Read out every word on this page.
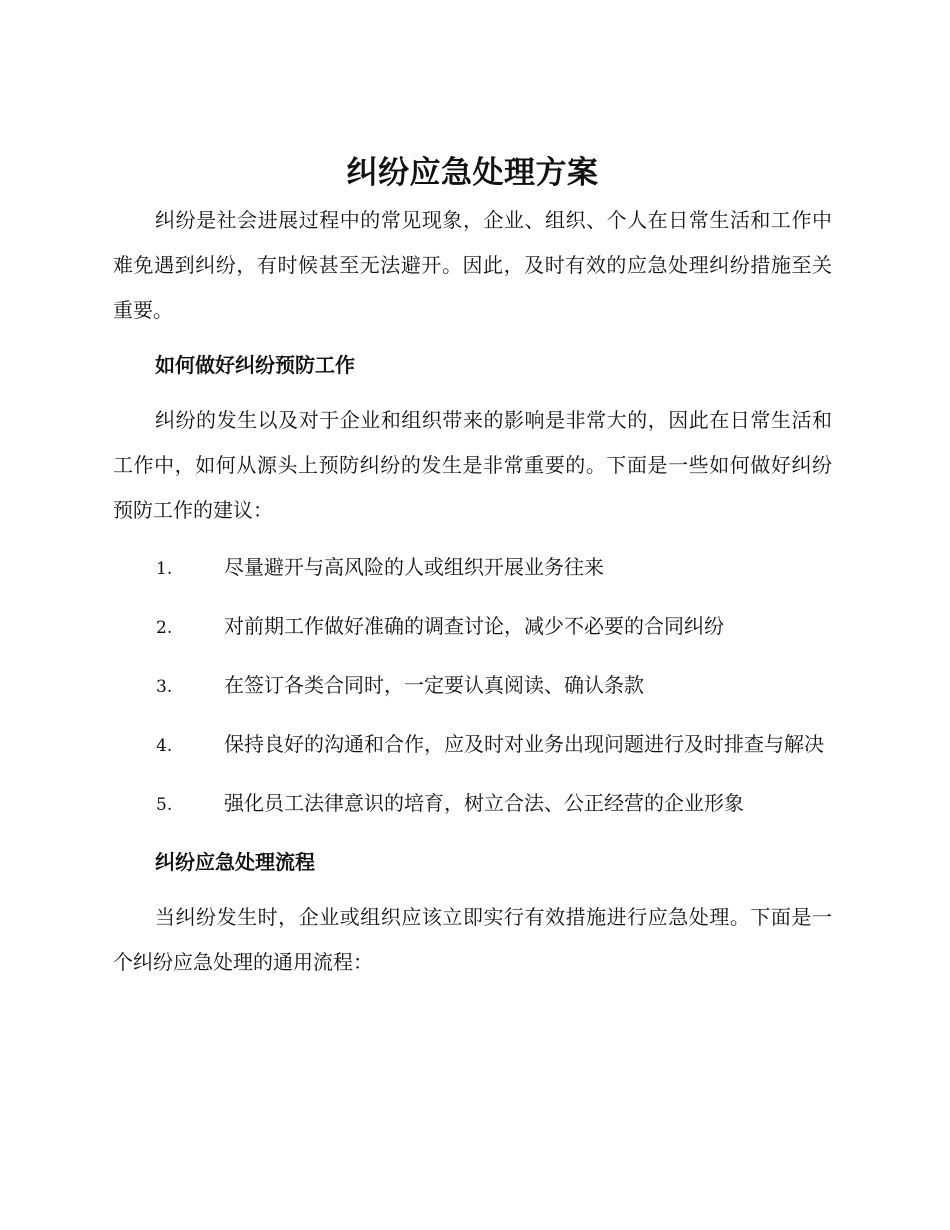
纠纷应急处理方案

纠纷是社会进展过程中的常见现象，企业、组织、个人在日常生活和工作中难免遇到纠纷，有时候甚至无法避开。因此，及时有效的应急处理纠纷措施至关重要。

如何做好纠纷预防工作

纠纷的发生以及对于企业和组织带来的影响是非常大的，因此在日常生活和工作中，如何从源头上预防纠纷的发生是非常重要的。下面是一些如何做好纠纷预防工作的建议：

1.	尽量避开与高风险的人或组织开展业务往来
2.	对前期工作做好准确的调查讨论，减少不必要的合同纠纷
3.	在签订各类合同时，一定要认真阅读、确认条款
4.	保持良好的沟通和合作，应及时对业务出现问题进行及时排查与解决
5.	强化员工法律意识的培育，树立合法、公正经营的企业形象
纠纷应急处理流程

当纠纷发生时，企业或组织应该立即实行有效措施进行应急处理。下面是一个纠纷应急处理的通用流程：
